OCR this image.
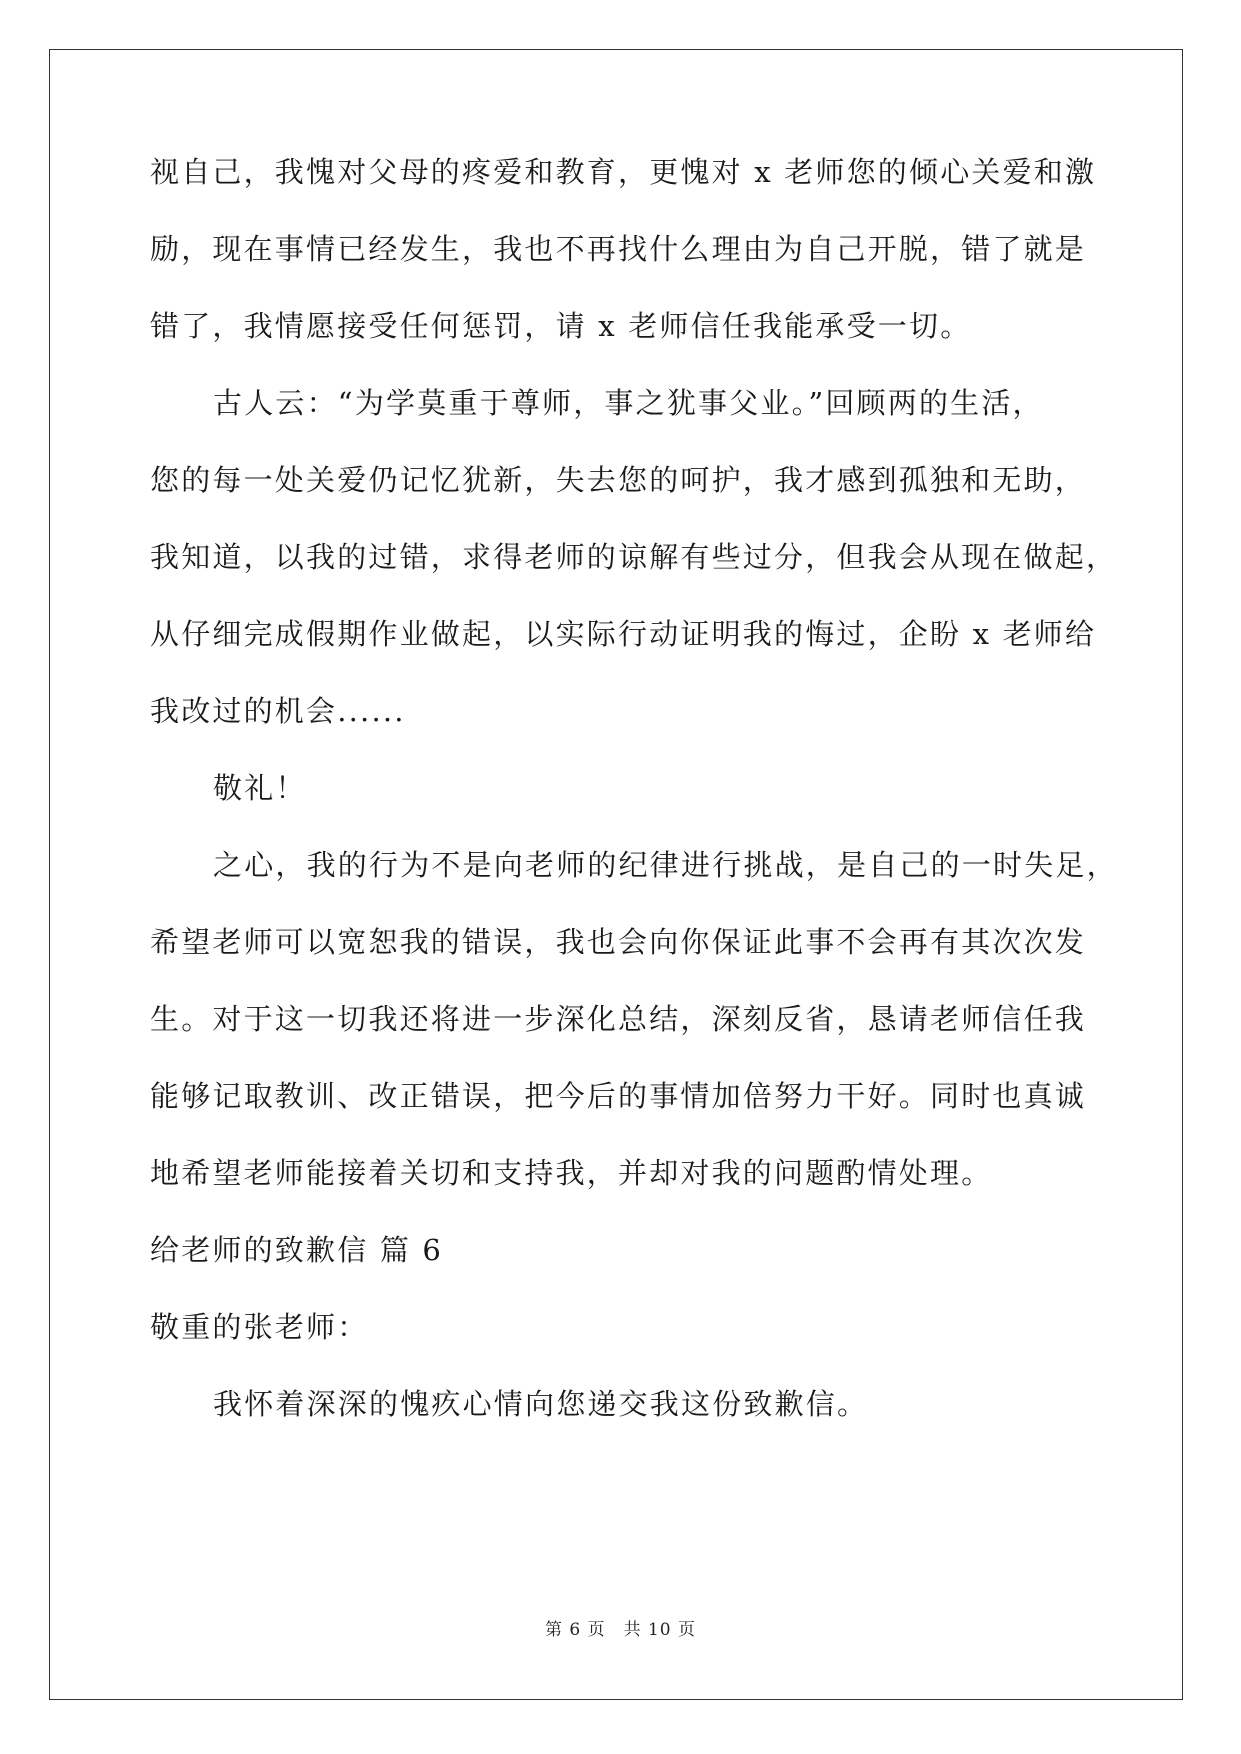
视自己，我愧对父母的疼爱和教育，更愧对 x 老师您的倾心关爱和激
励，现在事情已经发生，我也不再找什么理由为自己开脱，错了就是
错了，我情愿接受任何惩罚，请 x 老师信任我能承受一切。
古人云：“为学莫重于尊师，事之犹事父业。”回顾两的生活，
您的每一处关爱仍记忆犹新，失去您的呵护，我才感到孤独和无助，
我知道，以我的过错，求得老师的谅解有些过分，但我会从现在做起，
从仔细完成假期作业做起，以实际行动证明我的悔过，企盼 x 老师给
我改过的机会......
敬礼！
之心，我的行为不是向老师的纪律进行挑战，是自己的一时失足，
希望老师可以宽恕我的错误，我也会向你保证此事不会再有其次次发
生。对于这一切我还将进一步深化总结，深刻反省，恳请老师信任我
能够记取教训、改正错误，把今后的事情加倍努力干好。同时也真诚
地希望老师能接着关切和支持我，并却对我的问题酌情处理。
给老师的致歉信 篇 6
敬重的张老师：
我怀着深深的愧疚心情向您递交我这份致歉信。
第 6 页　共 10 页
